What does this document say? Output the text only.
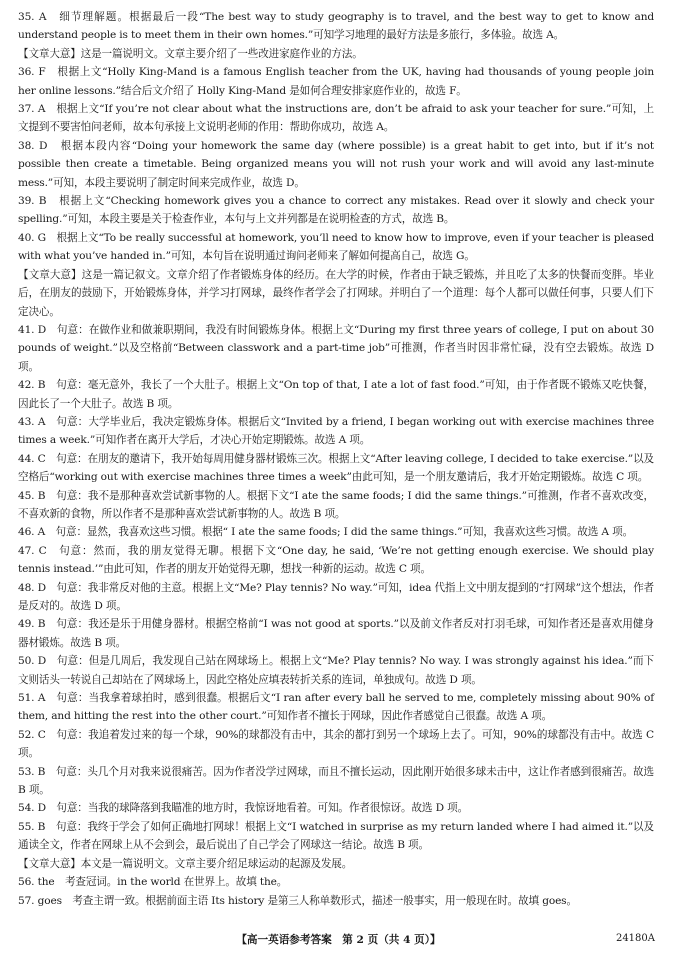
35. A　细节理解题。根据最后一段“The best way to study geography is to travel, and the best way to get to know and understand people is to meet them in their own homes.”可知学习地理的最好方法是多旅行，多体验。故选 A。

【文章大意】这是一篇说明文。文章主要介绍了一些改进家庭作业的方法。

36. F　根据上文“Holly King-Mand is a famous English teacher from the UK, having had thousands of young people join her online lessons.”结合后文介绍了 Holly King-Mand 是如何合理安排家庭作业的，故选 F。

37. A　根据上文“If you’re not clear about what the instructions are, don’t be afraid to ask your teacher for sure.”可知，上文提到不要害怕问老师，故本句承接上文说明老师的作用：帮助你成功，故选 A。

38. D　根据本段内容“Doing your homework the same day (where possible) is a great habit to get into, but if it’s not possible then create a timetable. Being organized means you will not rush your work and will avoid any last-minute mess.”可知，本段主要说明了制定时间来完成作业，故选 D。

39. B　根据上文“Checking homework gives you a chance to correct any mistakes. Read over it slowly and check your spelling.”可知，本段主要是关于检查作业，本句与上文并列都是在说明检查的方式，故选 B。

40. G　根据上文“To be really successful at homework, you’ll need to know how to improve, even if your teacher is pleased with what you’ve handed in.”可知，本句旨在说明通过询问老师来了解如何提高自己，故选 G。

【文章大意】这是一篇记叙文。文章介绍了作者锻炼身体的经历。在大学的时候，作者由于缺乏锻炼，并且吃了太多的快餐而变胖。毕业后，在朋友的鼓励下，开始锻炼身体，并学习打网球，最终作者学会了打网球。并明白了一个道理：每个人都可以做任何事，只要人们下定决心。

41. D　句意：在做作业和做兼职期间，我没有时间锻炼身体。根据上文“During my first three years of college, I put on about 30 pounds of weight.”以及空格前“Between classwork and a part-time job”可推测，作者当时因非常忙碌，没有空去锻炼。故选 D 项。

42. B　句意：毫无意外，我长了一个大肚子。根据上文“On top of that, I ate a lot of fast food.”可知，由于作者既不锻炼又吃快餐，因此长了一个大肚子。故选 B 项。

43. A　句意：大学毕业后，我决定锻炼身体。根据后文“Invited by a friend, I began working out with exercise machines three times a week.”可知作者在离开大学后，才决心开始定期锻炼。故选 A 项。

44. C　句意：在朋友的邀请下，我开始每周用健身器材锻炼三次。根据上文“After leaving college, I decided to take exercise.”以及空格后“working out with exercise machines three times a week”由此可知，是一个朋友邀请后，我才开始定期锻炼。故选 C 项。

45. B　句意：我不是那种喜欢尝试新事物的人。根据下文“I ate the same foods; I did the same things.”可推测，作者不喜欢改变，不喜欢新的食物，所以作者不是那种喜欢尝试新事物的人。故选 B 项。

46. A　句意：显然，我喜欢这些习惯。根据“ I ate the same foods; I did the same things.”可知，我喜欢这些习惯。故选 A 项。

47. C　句意：然而，我的朋友觉得无聊。根据下文“One day, he said, ‘We’re not getting enough exercise. We should play tennis instead.’”由此可知，作者的朋友开始觉得无聊，想找一种新的运动。故选 C 项。

48. D　句意：我非常反对他的主意。根据上文“Me? Play tennis? No way.”可知，idea 代指上文中朋友提到的“打网球”这个想法，作者是反对的。故选 D 项。

49. B　句意：我还是乐于用健身器材。根据空格前“I was not good at sports.”以及前文作者反对打羽毛球，可知作者还是喜欢用健身器材锻炼。故选 B 项。

50. D　句意：但是几周后，我发现自己站在网球场上。根据上文“Me? Play tennis? No way. I was strongly against his idea.”而下文则话头一转说自己却站在了网球场上，因此空格处应填表转折关系的连词，单独成句。故选 D 项。

51. A　句意：当我拿着球拍时，感到很蠢。根据后文“I ran after every ball he served to me, completely missing about 90% of them, and hitting the rest into the other court.”可知作者不擅长于网球，因此作者感觉自己很蠢。故选 A 项。

52. C　句意：我追着发过来的每一个球，90%的球都没有击中，其余的都打到另一个球场上去了。可知，90%的球都没有击中。故选 C 项。

53. B　句意：头几个月对我来说很痛苦。因为作者没学过网球，而且不擅长运动，因此刚开始很多球未击中，这让作者感到很痛苦。故选 B 项。

54. D　句意：当我的球降落到我瞄准的地方时，我惊讶地看着。可知。作者很惊讶。故选 D 项。

55. B　句意：我终于学会了如何正确地打网球！根据上文“I watched in surprise as my return landed where I had aimed it.”以及通读全文，作者在网球上从不会到会，最后说出了自己学会了网球这一结论。故选 B 项。

【文章大意】本文是一篇说明文。文章主要介绍足球运动的起源及发展。

56. the　考查冠词。in the world 在世界上。故填 the。

57. goes　考查主谓一致。根据前面主语 Its history 是第三人称单数形式，描述一般事实，用一般现在时。故填 goes。

【高一英语参考答案　第 2 页（共 4 页）】	24180A
